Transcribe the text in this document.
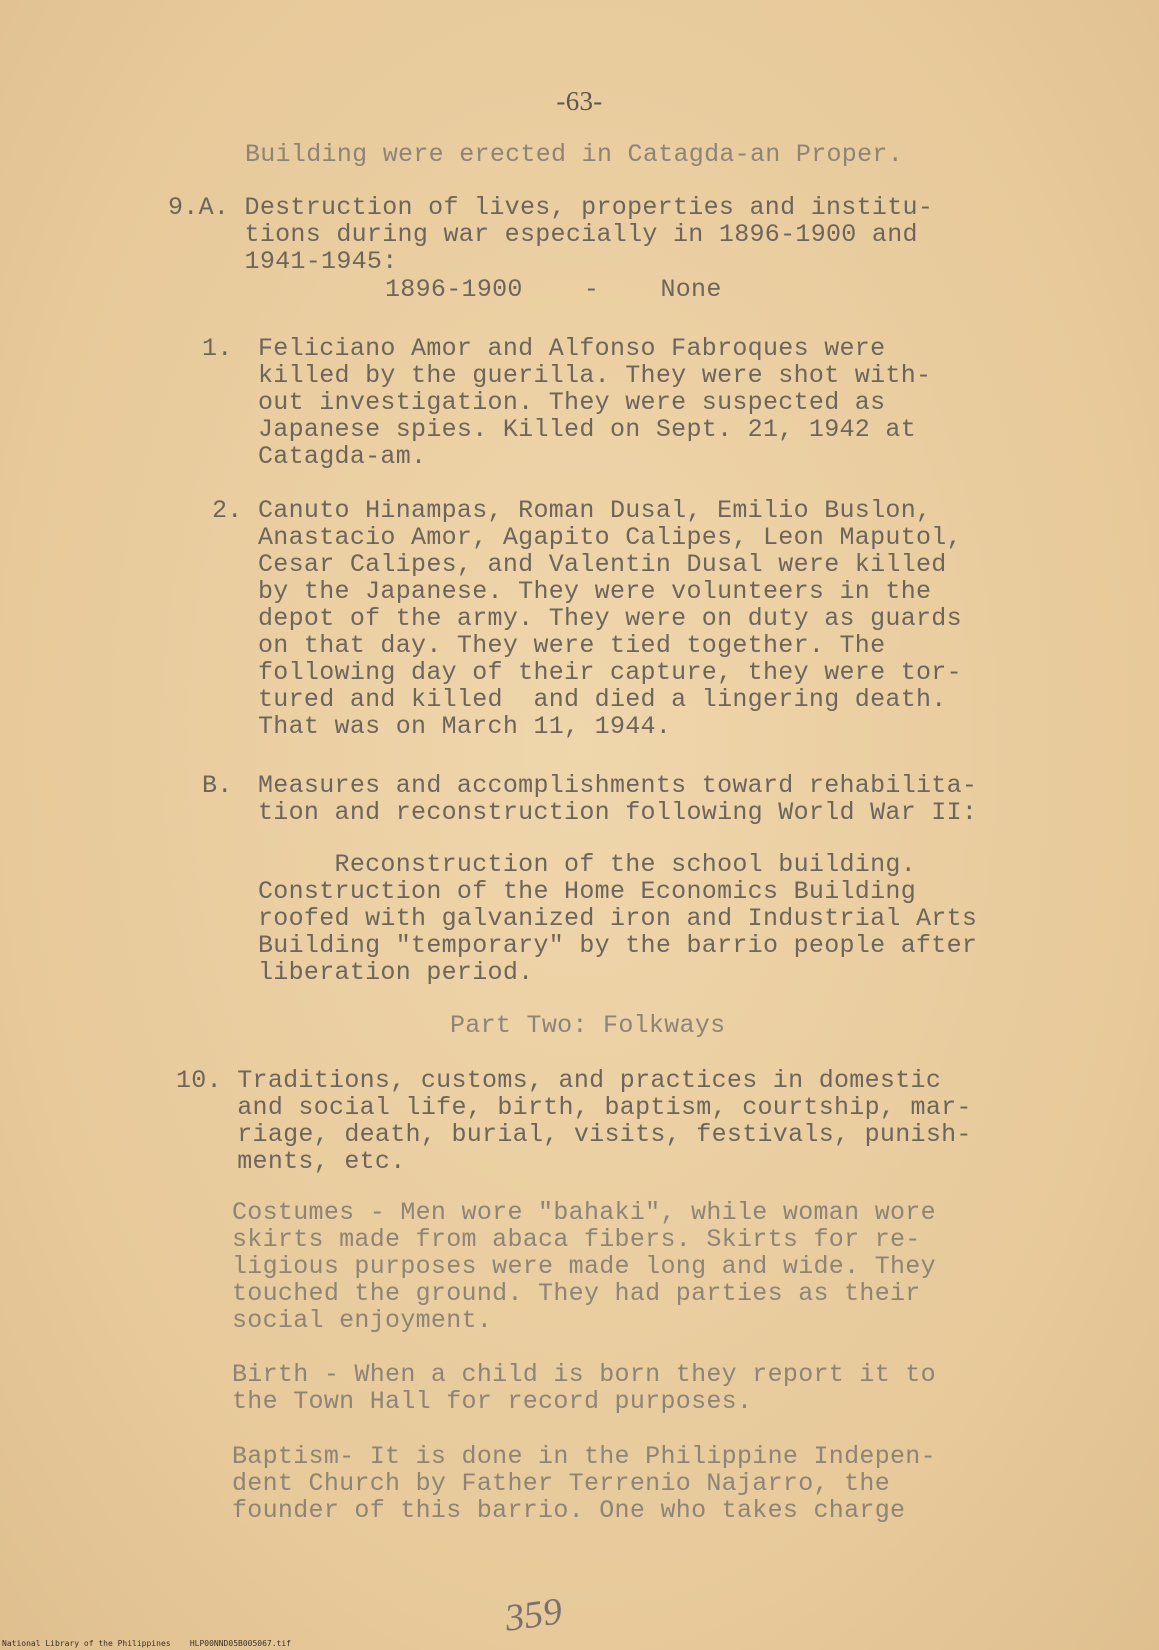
-63-
Building were erected in Catagda-an Proper.
9.A. Destruction of lives, properties and institu-
tions during war especially in 1896-1900 and
1941-1945:
1896-1900    -    None
1. Feliciano Amor and Alfonso Fabroques were
killed by the guerilla. They were shot with-
out investigation. They were suspected as
Japanese spies. Killed on Sept. 21, 1942 at
Catagda-am.
2. Canuto Hinampas, Roman Dusal, Emilio Buslon,
Anastacio Amor, Agapito Calipes, Leon Maputol,
Cesar Calipes, and Valentin Dusal were killed
by the Japanese. They were volunteers in the
depot of the army. They were on duty as guards
on that day. They were tied together. The
following day of their capture, they were tor-
tured and killed  and died a lingering death.
That was on March 11, 1944.
B. Measures and accomplishments toward rehabilita-
tion and reconstruction following World War II:
Reconstruction of the school building.
Construction of the Home Economics Building
roofed with galvanized iron and Industrial Arts
Building "temporary" by the barrio people after
liberation period.
Part Two: Folkways
10. Traditions, customs, and practices in domestic
and social life, birth, baptism, courtship, mar-
riage, death, burial, visits, festivals, punish-
ments, etc.
Costumes - Men wore "bahaki", while woman wore
skirts made from abaca fibers. Skirts for re-
ligious purposes were made long and wide. They
touched the ground. They had parties as their
social enjoyment.
Birth - When a child is born they report it to
the Town Hall for record purposes.
Baptism- It is done in the Philippine Indepen-
dent Church by Father Terrenio Najarro, the
founder of this barrio. One who takes charge
359
National Library of the Philippines    HLP00NND05B005067.tif
